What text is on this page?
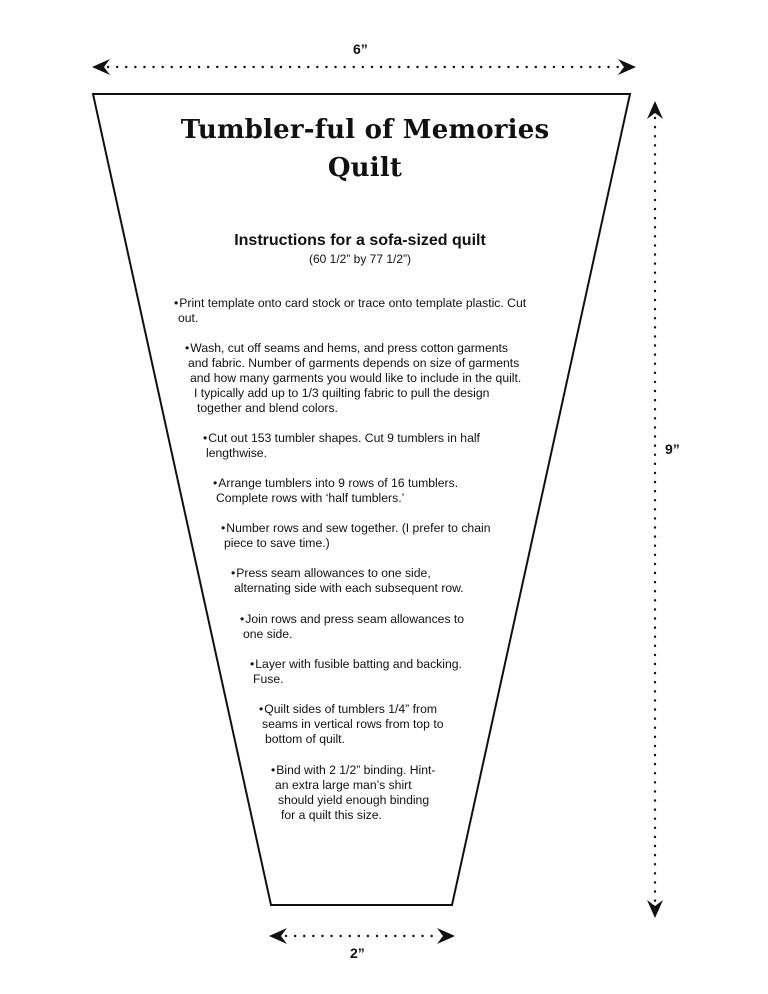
6”
9”
2”
Tumbler-ful of Memories
Quilt
Instructions for a sofa-sized quilt
(60 1/2” by 77 1/2”)
•Print template onto card stock or trace onto template plastic. Cut
out.
•Wash, cut off seams and hems, and press cotton garments
and fabric. Number of garments depends on size of garments
and how many garments you would like to include in the quilt.
I typically add up to 1/3 quilting fabric to pull the design
together and blend colors.
•Cut out 153 tumbler shapes. Cut 9 tumblers in half
lengthwise.
•Arrange tumblers into 9 rows of 16 tumblers.
Complete rows with ‘half tumblers.’
•Number rows and sew together. (I prefer to chain
piece to save time.)
•Press seam allowances to one side,
alternating side with each subsequent row.
•Join rows and press seam allowances to
one side.
•Layer with fusible batting and backing.
Fuse.
•Quilt sides of tumblers 1/4” from
seams in vertical rows from top to
bottom of quilt.
•Bind with 2 1/2” binding. Hint-
an extra large man’s shirt
should yield enough binding
for a quilt this size.
